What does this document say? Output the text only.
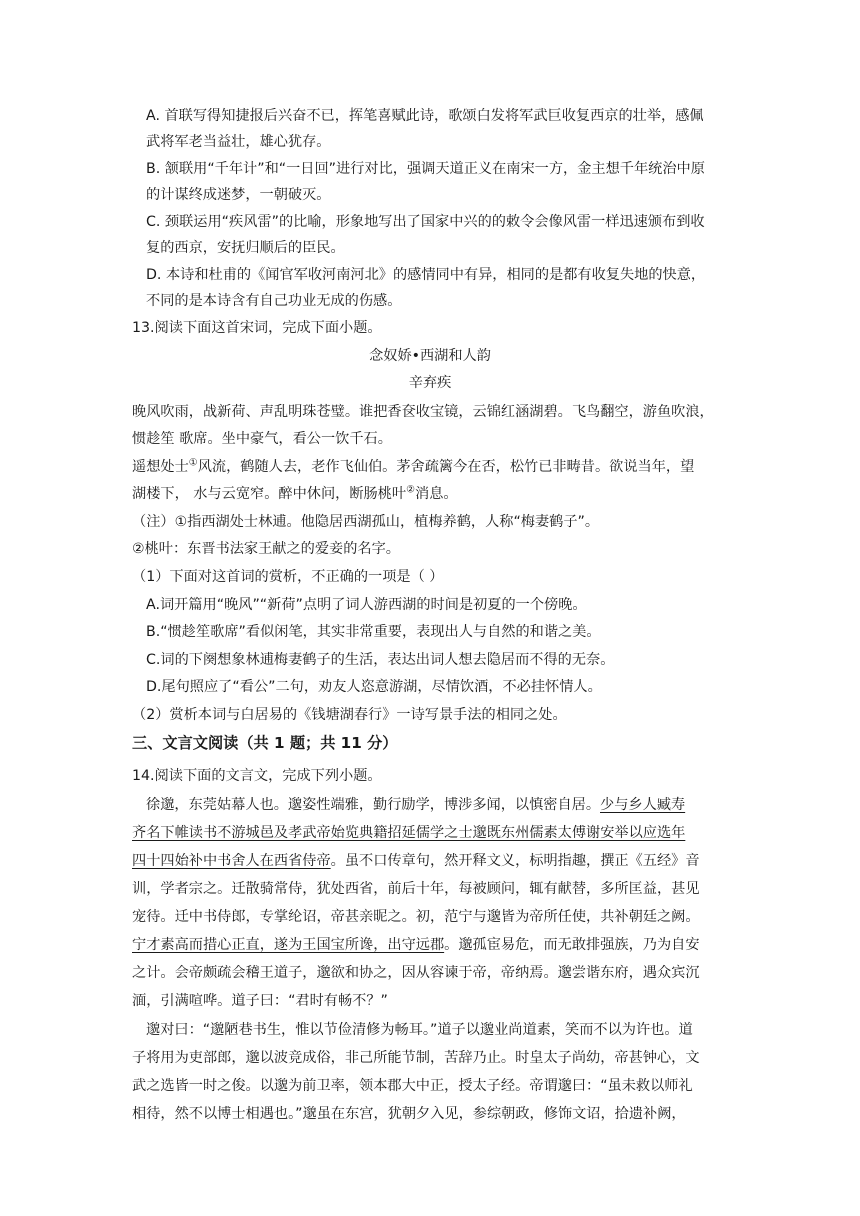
A. 首联写得知捷报后兴奋不已，挥笔喜赋此诗，歌颂白发将军武巨收复西京的壮举，感佩
武将军老当益壮，雄心犹存。
B. 颔联用“千年计”和“一日回”进行对比，强调天道正义在南宋一方，金主想千年统治中原
的计谋终成迷梦，一朝破灭。
C. 颈联运用“疾风雷”的比喻，形象地写出了国家中兴的的敕令会像风雷一样迅速颁布到收
复的西京，安抚归顺后的臣民。
D. 本诗和杜甫的《闻官军收河南河北》的感情同中有异，相同的是都有收复失地的快意，
不同的是本诗含有自己功业无成的伤感。
13.阅读下面这首宋词，完成下面小题。
念奴娇•西湖和人韵
辛弃疾
晚风吹雨，战新荷、声乱明珠苍璧。谁把香奁收宝镜，云锦红涵湖碧。飞鸟翻空，游鱼吹浪，
惯趁笙 歌席。坐中豪气，看公一饮千石。
遥想处士①风流，鹤随人去，老作飞仙伯。茅舍疏篱今在否，松竹已非畴昔。欲说当年，望
湖楼下， 水与云宽窄。醉中休问，断肠桃叶②消息。
（注）①指西湖处士林逋。他隐居西湖孤山，植梅养鹤，人称“梅妻鹤子”。
②桃叶：东晋书法家王献之的爱妾的名字。
（1）下面对这首词的赏析，不正确的一项是（ ）
A.词开篇用“晚风”“新荷”点明了词人游西湖的时间是初夏的一个傍晚。
B.“惯趁笙歌席”看似闲笔，其实非常重要，表现出人与自然的和谐之美。
C.词的下阕想象林逋梅妻鹤子的生活，表达出词人想去隐居而不得的无奈。
D.尾句照应了“看公”二句，劝友人恣意游湖，尽情饮酒，不必挂怀情人。
（2）赏析本词与白居易的《钱塘湖春行》一诗写景手法的相同之处。
三、文言文阅读（共 1 题；共 11 分）
14.阅读下面的文言文，完成下列小题。
徐邈，东莞姑幕人也。邈姿性端雅，勤行励学，博涉多闻，以慎密自居。少与乡人臧寿
齐名下帷读书不游城邑及孝武帝始览典籍招延儒学之士邈既东州儒素太傅谢安举以应选年
四十四始补中书舍人在西省侍帝。虽不口传章句，然开释文义，标明指趣，撰正《五经》音
训，学者宗之。迁散骑常侍，犹处西省，前后十年，每被顾问，辄有献替，多所匡益，甚见
宠待。迁中书侍郎，专掌纶诏，帝甚亲昵之。初，范宁与邈皆为帝所任使，共补朝廷之阙。
宁才素高而措心正直，遂为王国宝所谗，出守远郡。邈孤宦易危，而无敢排强族，乃为自安
之计。会帝颇疏会稽王道子，邈欲和协之，因从容谏于帝，帝纳焉。邈尝谐东府，遇众宾沉
湎，引满喧哗。道子曰：“君时有畅不？”
邈对曰：“邈陋巷书生，惟以节俭清修为畅耳。”道子以邈业尚道素，笑而不以为许也。道
子将用为吏部郎，邈以波竞成俗，非己所能节制，苦辞乃止。时皇太子尚幼，帝甚钟心，文
武之选皆一时之俊。以邈为前卫率，领本郡大中正，授太子经。帝谓邈曰：“虽未救以师礼
相待，然不以博士相遇也。”邈虽在东宫，犹朝夕入见，参综朝政，修饰文诏，拾遗补阙，
